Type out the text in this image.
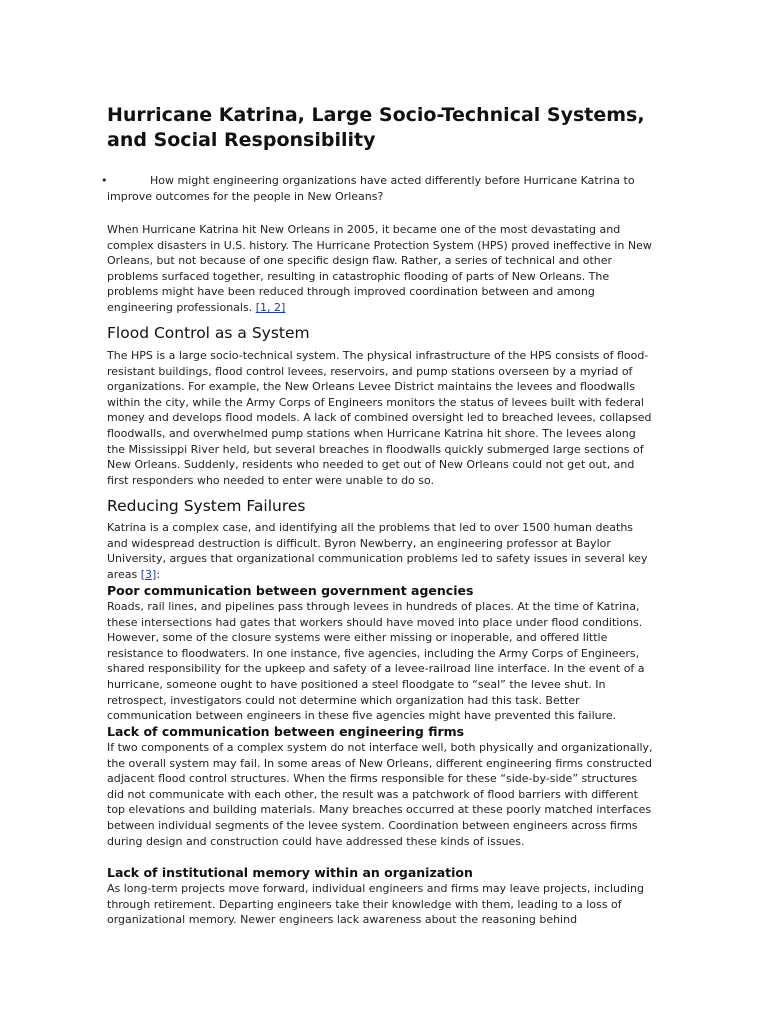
Hurricane Katrina, Large Socio-Technical Systems, and Social Responsibility
•	How might engineering organizations have acted differently before Hurricane Katrina to improve outcomes for the people in New Orleans?

When Hurricane Katrina hit New Orleans in 2005, it became one of the most devastating and complex disasters in U.S. history. The Hurricane Protection System (HPS) proved ineffective in New Orleans, but not because of one specific design flaw. Rather, a series of technical and other problems surfaced together, resulting in catastrophic flooding of parts of New Orleans. The problems might have been reduced through improved coordination between and among engineering professionals. [1, 2]

Flood Control as a System

The HPS is a large socio-technical system. The physical infrastructure of the HPS consists of flood-resistant buildings, flood control levees, reservoirs, and pump stations overseen by a myriad of organizations. For example, the New Orleans Levee District maintains the levees and floodwalls within the city, while the Army Corps of Engineers monitors the status of levees built with federal money and develops flood models. A lack of combined oversight led to breached levees, collapsed floodwalls, and overwhelmed pump stations when Hurricane Katrina hit shore. The levees along the Mississippi River held, but several breaches in floodwalls quickly submerged large sections of New Orleans. Suddenly, residents who needed to get out of New Orleans could not get out, and first responders who needed to enter were unable to do so.

Reducing System Failures

Katrina is a complex case, and identifying all the problems that led to over 1500 human deaths and widespread destruction is difficult. Byron Newberry, an engineering professor at Baylor University, argues that organizational communication problems led to safety issues in several key areas [3]:

Poor communication between government agencies

Roads, rail lines, and pipelines pass through levees in hundreds of places. At the time of Katrina, these intersections had gates that workers should have moved into place under flood conditions. However, some of the closure systems were either missing or inoperable, and offered little resistance to floodwaters. In one instance, five agencies, including the Army Corps of Engineers, shared responsibility for the upkeep and safety of a levee-railroad line interface. In the event of a hurricane, someone ought to have positioned a steel floodgate to “seal” the levee shut. In retrospect, investigators could not determine which organization had this task. Better communication between engineers in these five agencies might have prevented this failure.

Lack of communication between engineering firms

If two components of a complex system do not interface well, both physically and organizationally, the overall system may fail. In some areas of New Orleans, different engineering firms constructed adjacent flood control structures. When the firms responsible for these “side-by-side” structures did not communicate with each other, the result was a patchwork of flood barriers with different top elevations and building materials. Many breaches occurred at these poorly matched interfaces between individual segments of the levee system. Coordination between engineers across firms during design and construction could have addressed these kinds of issues.

Lack of institutional memory within an organization

As long-term projects move forward, individual engineers and firms may leave projects, including through retirement. Departing engineers take their knowledge with them, leading to a loss of organizational memory. Newer engineers lack awareness about the reasoning behind
